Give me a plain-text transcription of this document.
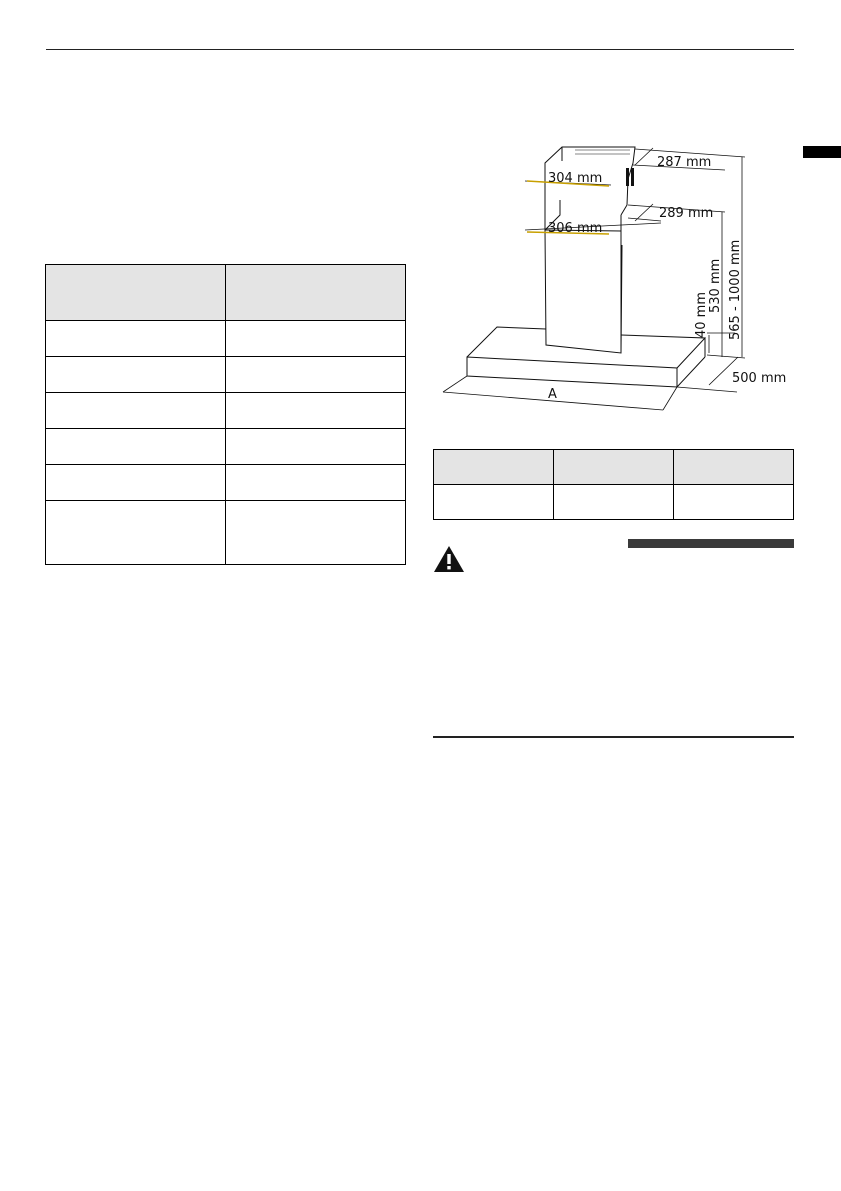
304 mm
287 mm
306 mm
289 mm
565 - 1000 mm
530 mm
40 mm
500 mm
A
